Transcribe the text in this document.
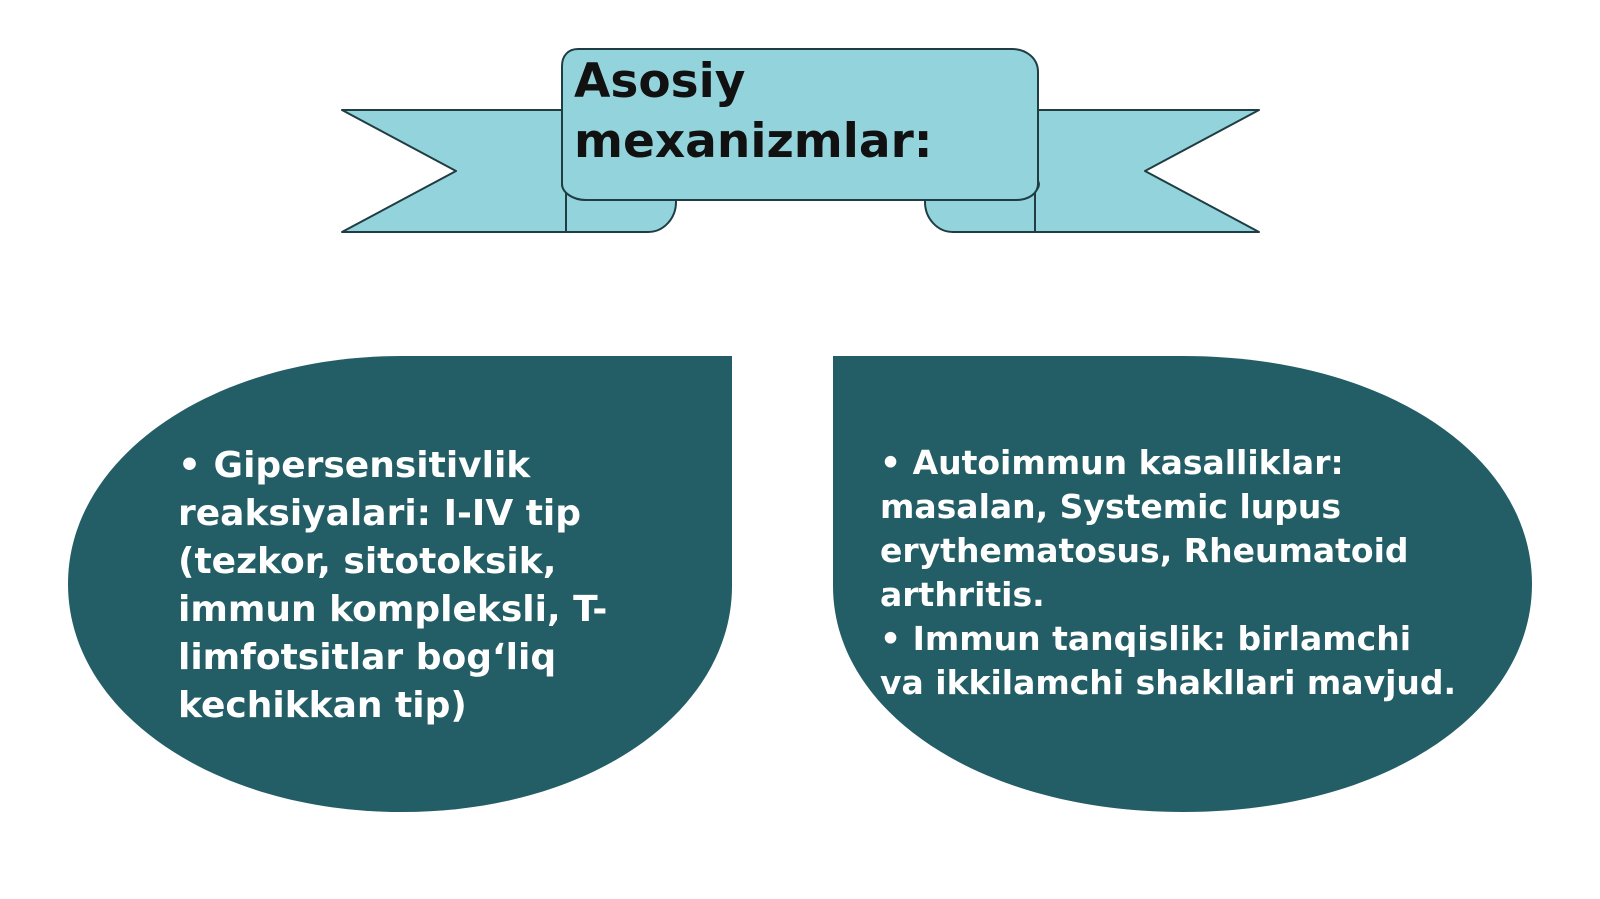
Asosiy
mexanizmlar:
• Gipersensitivlik
reaksiyalari: I-IV tip
(tezkor, sitotoksik,
immun kompleksli, T-
limfotsitlar bog‘liq
kechikkan tip)
• Autoimmun kasalliklar:
masalan, Systemic lupus
erythematosus, Rheumatoid
arthritis.
• Immun tanqislik: birlamchi
va ikkilamchi shakllari mavjud.
